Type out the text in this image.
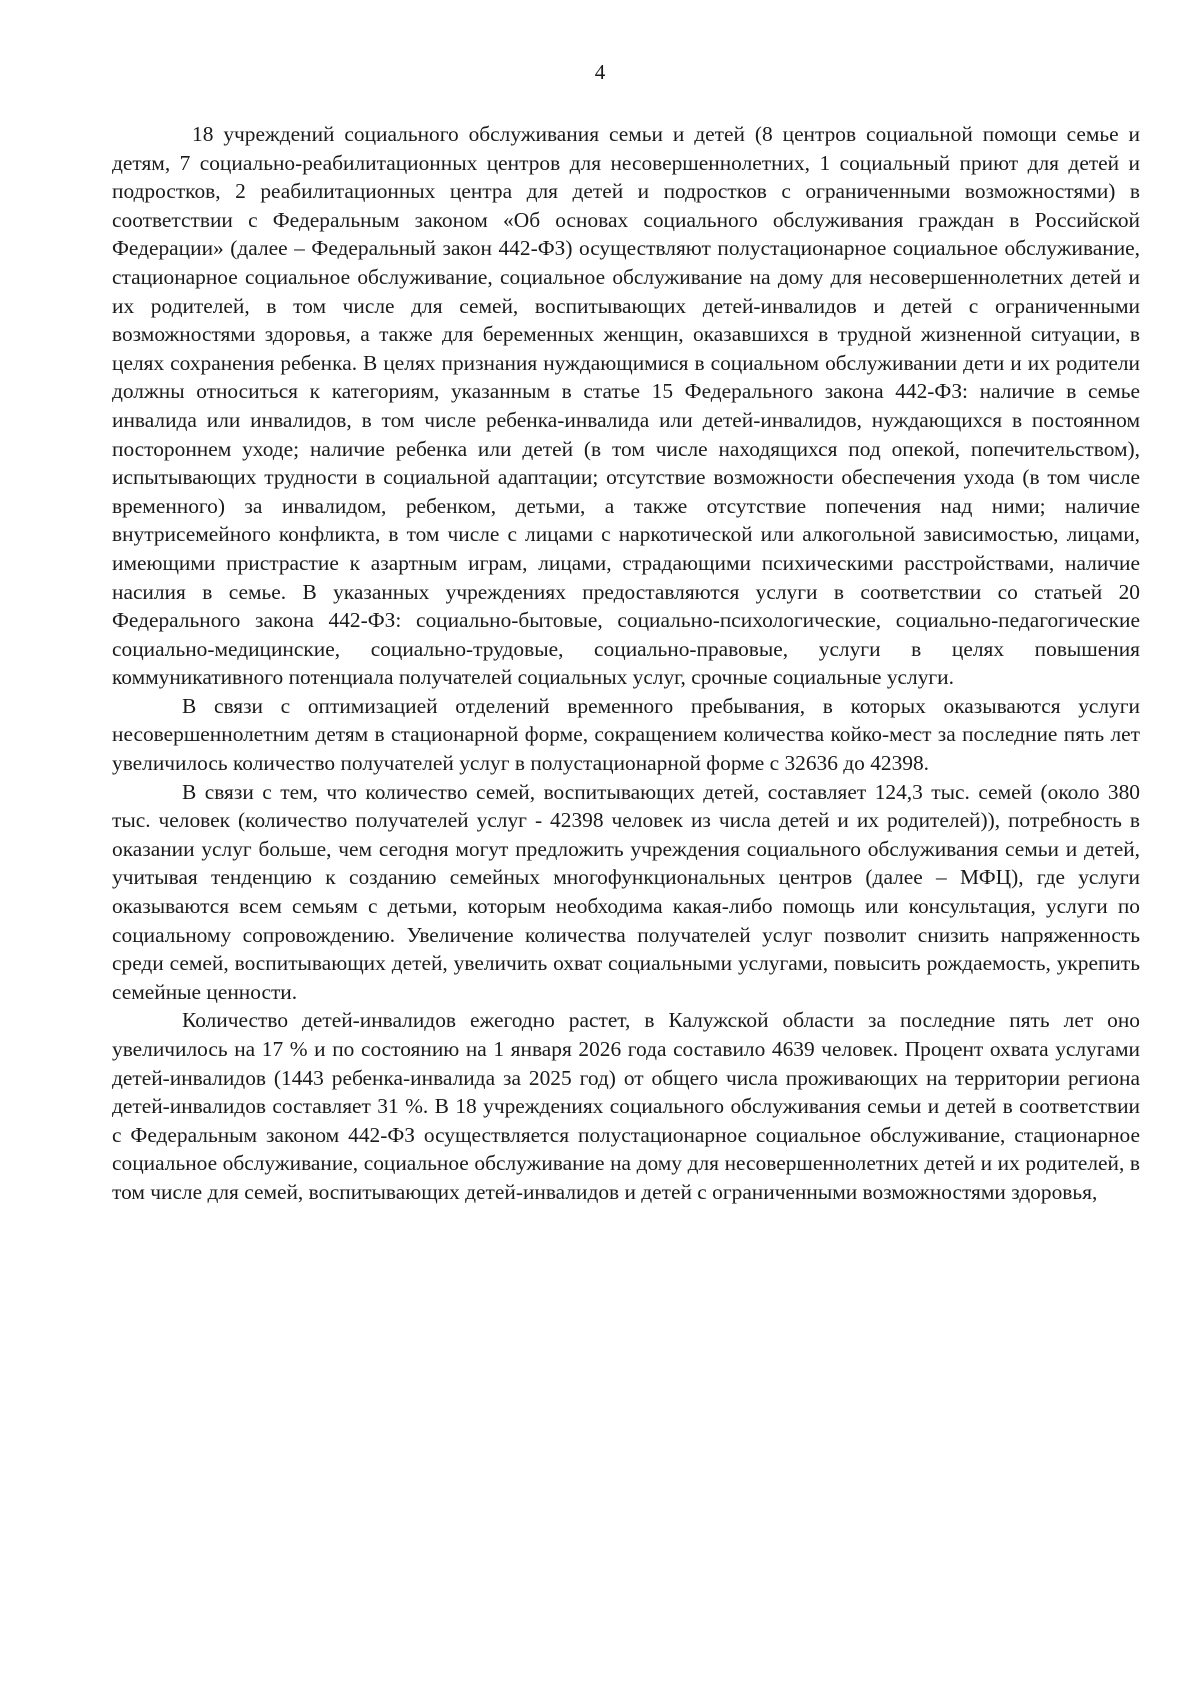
4

18 учреждений социального обслуживания семьи и детей (8 центров социальной помощи семье и детям, 7 социально-реабилитационных центров для несовершеннолетних, 1 социальный приют для детей и подростков, 2 реабилитационных центра для детей и подростков с ограниченными возможностями) в соответствии с Федеральным законом «Об основах социального обслуживания граждан в Российской Федерации» (далее – Федеральный закон 442-ФЗ) осуществляют полустационарное социальное обслуживание, стационарное социальное обслуживание, социальное обслуживание на дому для несовершеннолетних детей и их родителей, в том числе для семей, воспитывающих детей-инвалидов и детей с ограниченными возможностями здоровья, а также для беременных женщин, оказавшихся в трудной жизненной ситуации, в целях сохранения ребенка. В целях признания нуждающимися в социальном обслуживании дети и их родители должны относиться к категориям, указанным в статье 15 Федерального закона 442-ФЗ: наличие в семье инвалида или инвалидов, в том числе ребенка-инвалида или детей-инвалидов, нуждающихся в постоянном постороннем уходе; наличие ребенка или детей (в том числе находящихся под опекой, попечительством), испытывающих трудности в социальной адаптации; отсутствие возможности обеспечения ухода (в том числе временного) за инвалидом, ребенком, детьми, а также отсутствие попечения над ними; наличие внутрисемейного конфликта, в том числе с лицами с наркотической или алкогольной зависимостью, лицами, имеющими пристрастие к азартным играм, лицами, страдающими психическими расстройствами, наличие насилия в семье. В указанных учреждениях предоставляются услуги в соответствии со статьей 20 Федерального закона 442-ФЗ: социально-бытовые, социально-психологические, социально-педагогические социально-медицинские, социально-трудовые, социально-правовые, услуги в целях повышения коммуникативного потенциала получателей социальных услуг, срочные социальные услуги.

В связи с оптимизацией отделений временного пребывания, в которых оказываются услуги несовершеннолетним детям в стационарной форме, сокращением количества койко-мест за последние пять лет увеличилось количество получателей услуг в полустационарной форме с 32636 до 42398.

В связи с тем, что количество семей, воспитывающих детей, составляет 124,3 тыс. семей (около 380 тыс. человек (количество получателей услуг - 42398 человек из числа детей и их родителей)), потребность в оказании услуг больше, чем сегодня могут предложить учреждения социального обслуживания семьи и детей, учитывая тенденцию к созданию семейных многофункциональных центров (далее – МФЦ), где услуги оказываются всем семьям с детьми, которым необходима какая-либо помощь или консультация, услуги по социальному сопровождению. Увеличение количества получателей услуг позволит снизить напряженность среди семей, воспитывающих детей, увеличить охват социальными услугами, повысить рождаемость, укрепить семейные ценности.

Количество детей-инвалидов ежегодно растет, в Калужской области за последние пять лет оно увеличилось на 17 % и по состоянию на 1 января 2026 года составило 4639 человек. Процент охвата услугами детей-инвалидов (1443 ребенка-инвалида за 2025 год) от общего числа проживающих на территории региона детей-инвалидов составляет 31 %. В 18 учреждениях социального обслуживания семьи и детей в соответствии с Федеральным законом 442-ФЗ осуществляется полустационарное социальное обслуживание, стационарное социальное обслуживание, социальное обслуживание на дому для несовершеннолетних детей и их родителей, в том числе для семей, воспитывающих детей-инвалидов и детей с ограниченными возможностями здоровья,
